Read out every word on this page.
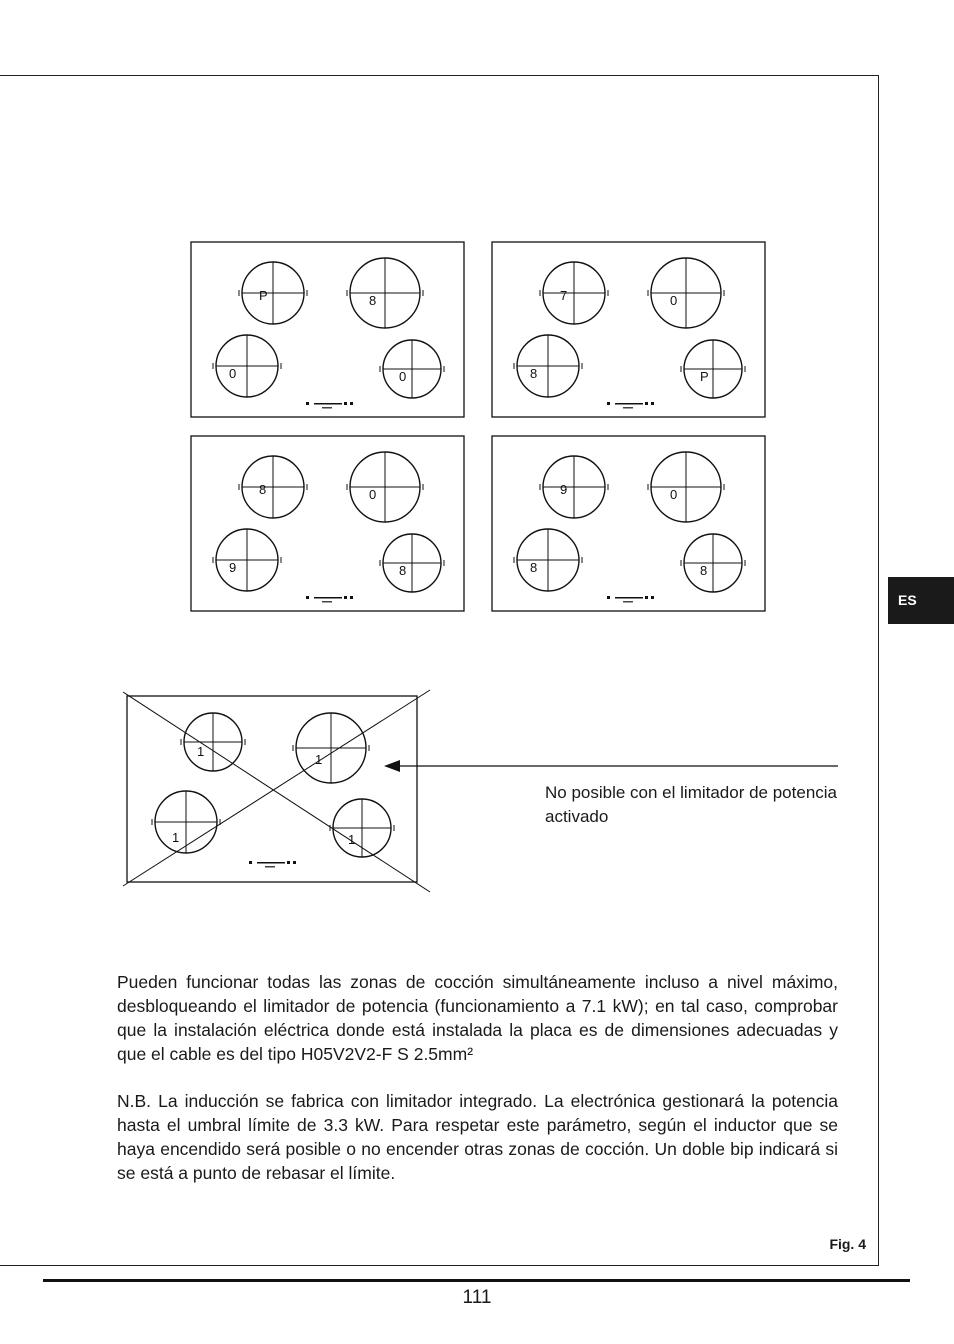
P	8
0	0
7	0
8	P
8	0
9	8
9	0
8	8
1
1
1	1
No posible con el limitador de potencia activado

Pueden funcionar todas las zonas de cocción simultáneamente incluso a nivel máximo, desbloqueando el limitador de potencia (funcionamiento a 7.1 kW); en tal caso, comprobar que la instalación eléctrica donde está instalada la placa es de dimensiones adecuadas y que el cable es del tipo H05V2V2-F S 2.5mm²

N.B. La inducción se fabrica con limitador integrado. La electrónica gestionará la potencia hasta el umbral límite de 3.3 kW. Para respetar este parámetro, según el inductor que se haya encendido será posible o no encender otras zonas de cocción. Un doble bip indicará si se está a punto de rebasar el límite.

ES
Fig. 4
111
